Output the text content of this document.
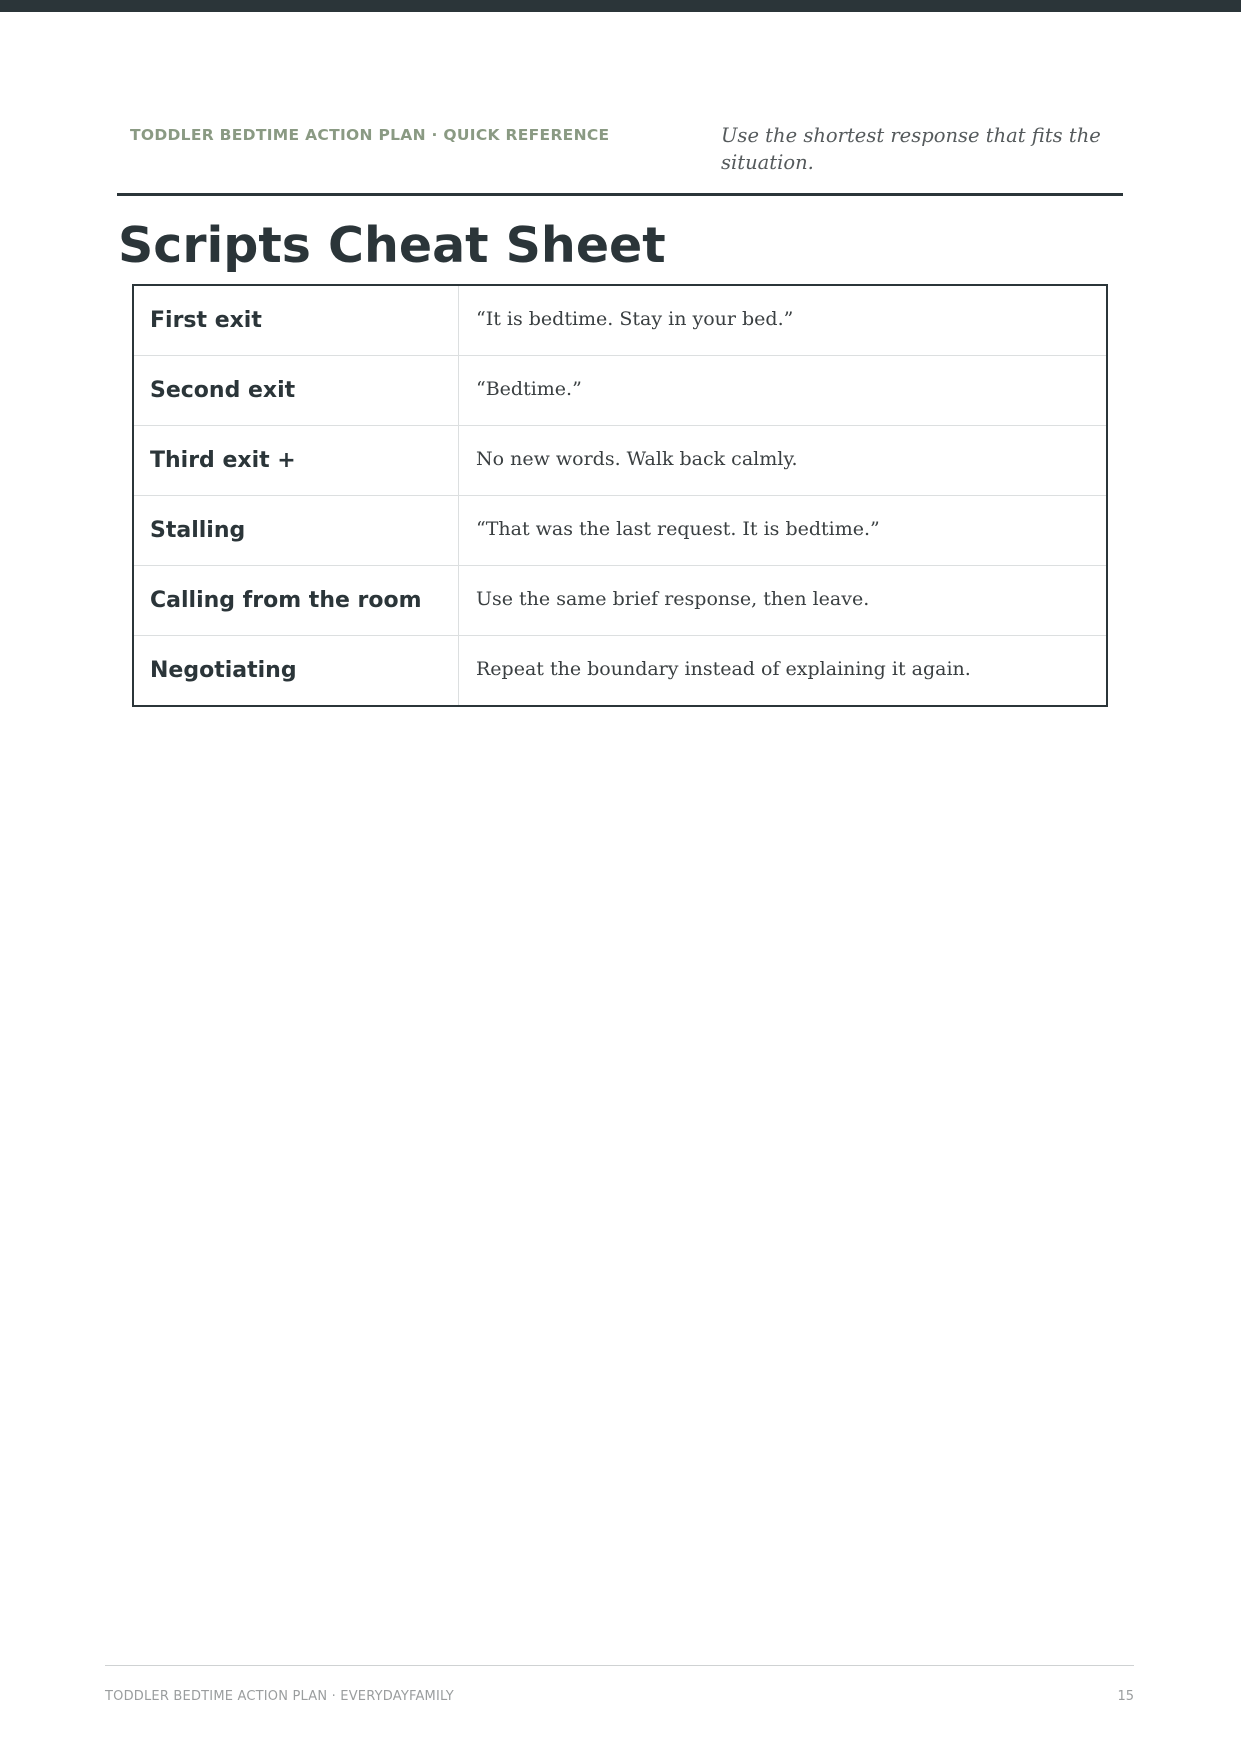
TODDLER BEDTIME ACTION PLAN · QUICK REFERENCE	Use the shortest response that fits the situation.
Scripts Cheat Sheet
First exit	“It is bedtime. Stay in your bed.”
Second exit	“Bedtime.”
Third exit +	No new words. Walk back calmly.
Stalling	“That was the last request. It is bedtime.”
Calling from the room	Use the same brief response, then leave.
Negotiating	Repeat the boundary instead of explaining it again.
TODDLER BEDTIME ACTION PLAN · EVERYDAYFAMILY	15
